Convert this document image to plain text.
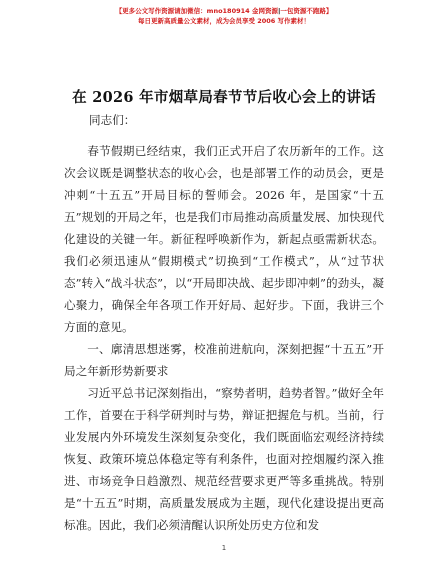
【更多公文写作资源请加微信：mno180914 金网资源|一包资源不跑路】
每日更新高质量公文素材，成为会员享受 2006 写作素材！
在 2026 年市烟草局春节节后收心会上的讲话
同志们：

春节假期已经结束，我们正式开启了农历新年的工作。这次会议既是调整状态的收心会，也是部署工作的动员会，更是冲刺“十五五”开局目标的誓师会。2026 年，是国家“十五五”规划的开局之年，也是我们市局推动高质量发展、加快现代化建设的关键一年。新征程呼唤新作为，新起点亟需新状态。我们必须迅速从“假期模式”切换到“工作模式”，从“过节状态”转入“战斗状态”，以“开局即决战、起步即冲刺”的劲头，凝心聚力，确保全年各项工作开好局、起好步。下面，我讲三个方面的意见。

一、廓清思想迷雾，校准前进航向，深刻把握“十五五”开局之年新形势新要求

习近平总书记深刻指出，“察势者明，趋势者智。”做好全年工作，首要在于科学研判时与势，辩证把握危与机。当前，行业发展内外环境发生深刻复杂变化，我们既面临宏观经济持续恢复、政策环境总体稳定等有利条件，也面对控烟履约深入推进、市场竞争日趋激烈、规范经营要求更严等多重挑战。特别是“十五五”时期，高质量发展成为主题，现代化建设提出更高标准。因此，我们必须清醒认识所处历史方位和发

1
